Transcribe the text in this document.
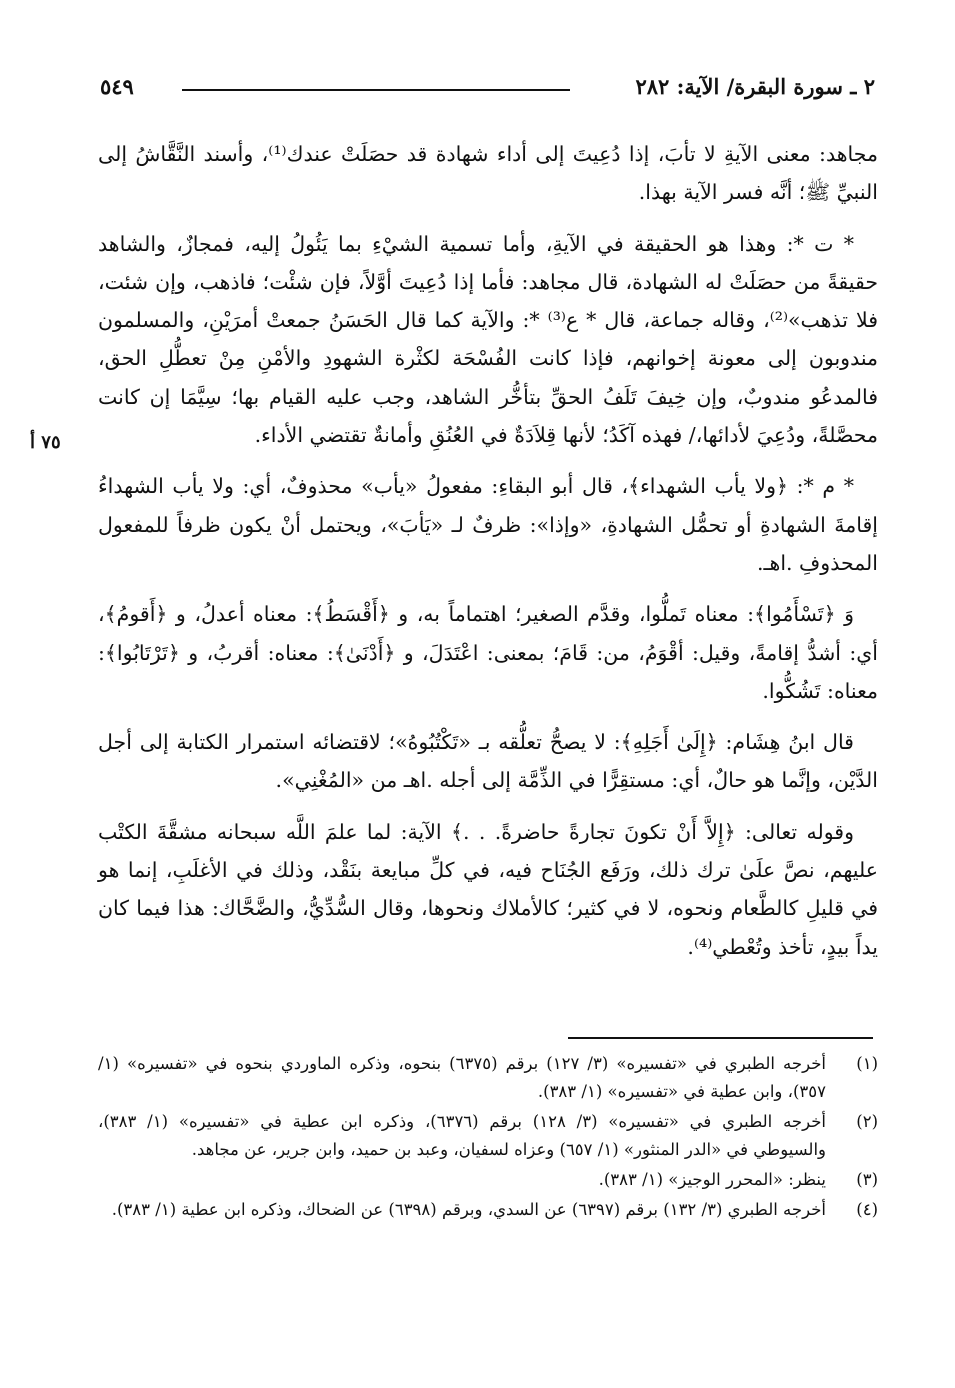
٢ ـ سورة البقرة/ الآية: ٢٨٢
٥٤٩
٧٥ أ

مجاهد: معنى الآيةِ لا تأبَ، إذا دُعِيتَ إلى أداء شهادة قد حصَلَتْ عندك⁽¹⁾، وأسند النَّقَّاشُ إلى النبيِّ ﷺ؛ أنَّه فسر الآية بهذا.

* ت *: وهذا هو الحقيقة في الآيةِ، وأما تسمية الشيْءِ بما يَئُولُ إليه، فمجازٌ، والشاهد حقيقةً من حصَلَتْ له الشهادة، قال مجاهد: فأما إذا دُعِيتَ أوَّلاً، فإن شئْت؛ فاذهب، وإن شئت، فلا تذهب»⁽²⁾، وقاله جماعة، قال * ع⁽³⁾ *: والآية كما قال الحَسَنُ جمعتْ أمرَيْنِ، والمسلمون مندوبون إلى معونة إخوانهم، فإذا كانت الفُسْحَة لكثْرة الشهودِ والأمْنِ مِنْ تعطُّلِ الحق، فالمدعُو مندوبٌ، وإن خِيفَ تَلَفُ الحقِّ بتأخُّر الشاهد، وجب عليه القيام بها؛ سِيَّمَا إن كانت محصَّلةً، ودُعِيَ لأدائها،/ فهذه آكَدُ؛ لأنها قِلاَدَةٌ في العُنُقِ وأمانةٌ تقتضي الأداء.

* م *: ﴿ولا يأب الشهداء﴾، قال أبو البقاءِ: مفعولُ «يأب» محذوفٌ، أي: ولا يأب الشهداءُ إقامةَ الشهادةِ أو تحمُّل الشهادةِ، «وإذا»: ظرفٌ لـ «يَأبَ»، ويحتمل أنْ يكون ظرفاً للمفعول المحذوفِ .اهـ.

وَ ﴿تَسْأَمُوا﴾: معناه تَملُّوا، وقدَّم الصغير؛ اهتماماً به، و ﴿أَقْسَطُ﴾: معناه أعدلُ، و ﴿أَقومُ﴾، أي: أشدُّ إقامةً، وقيل: أقْوَمُ، من: قَامَ؛ بمعنى: اعْتَدَلَ، و ﴿أَدْنَىٰ﴾: معناه: أقربُ، و ﴿تَرْتَابُوا﴾: معناه: تَشُكُّوا.

قال ابنُ هِشَام: ﴿إِلَىٰ أَجَلِهِ﴾: لا يصحُّ تعلُّقه بـ «تَكْتُبُوهُ»؛ لاقتضائه استمرار الكتابة إلى أجل الدَّيْن، وإنَّما هو حالٌ، أي: مستقِرًّا في الذِّمَّة إلى أجله .اهـ من «المُغْنِي».

وقوله تعالى: ﴿إِلاَّ أَنْ تكونَ تجارةً حاضرةً. . .﴾ الآية: لما علمَ اللَّه سبحانه مشقَّةَ الكتْب عليهم، نصَّ علَىٰ ترك ذلك، ورَفَع الجُنَاح فيه، في كلِّ مبايعة بنَقْد، وذلك في الأغلَبِ، إنما هو في قليلِ كالطَّعام ونحوه، لا في كثير؛ كالأملاك ونحوها، وقال السُّدِّيُّ، والضَّحَّاك: هذا فيما كان يداً بيدٍ، تأخذ وتُعْطي⁽⁴⁾.

(١)
أخرجه الطبري في «تفسيره» (٣/ ١٢٧) برقم (٦٣٧٥) بنحوه، وذكره الماوردي بنحوه في «تفسيره» (١/ ٣٥٧)، وابن عطية في «تفسيره» (١/ ٣٨٣).
(٢)
أخرجه الطبري في «تفسيره» (٣/ ١٢٨) برقم (٦٣٧٦)، وذكره ابن عطية في «تفسيره» (١/ ٣٨٣)، والسيوطي في «الدر المنثور» (١/ ٦٥٧) وعزاه لسفيان، وعبد بن حميد، وابن جرير، عن مجاهد.
(٣)
ينظر: «المحرر الوجيز» (١/ ٣٨٣).
(٤)
أخرجه الطبري (٣/ ١٣٢) برقم (٦٣٩٧) عن السدي، وبرقم (٦٣٩٨) عن الضحاك، وذكره ابن عطية (١/ ٣٨٣).
